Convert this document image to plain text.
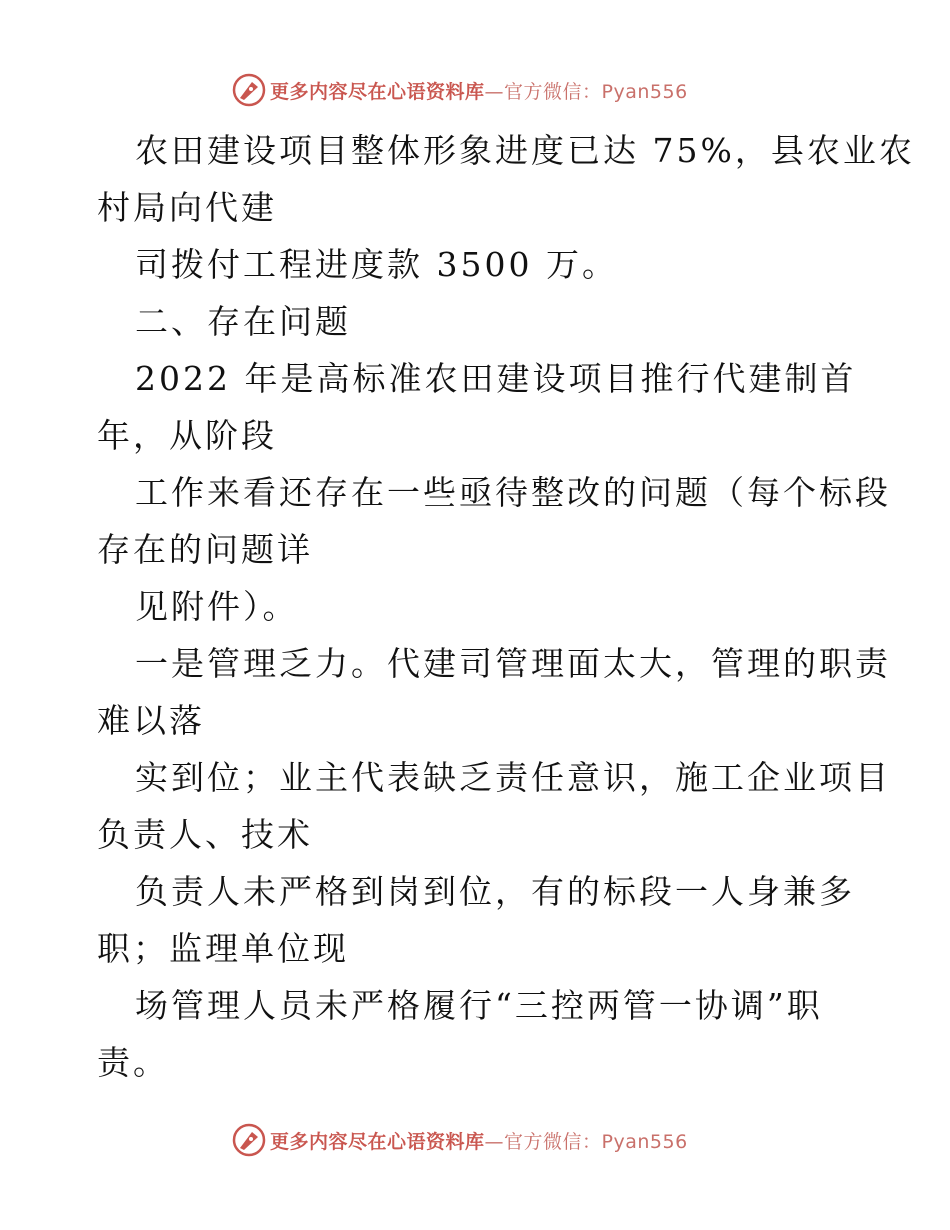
更多内容尽在心语资料库—官方微信：Pyan556
农田建设项目整体形象进度已达 75%，县农业农
村局向代建
司拨付工程进度款 3500 万。
二、存在问题
2022 年是高标准农田建设项目推行代建制首
年，从阶段
工作来看还存在一些亟待整改的问题（每个标段
存在的问题详
见附件）。
一是管理乏力。代建司管理面太大，管理的职责
难以落
实到位；业主代表缺乏责任意识，施工企业项目
负责人、技术
负责人未严格到岗到位，有的标段一人身兼多
职；监理单位现
场管理人员未严格履行“三控两管一协调”职
责。
更多内容尽在心语资料库—官方微信：Pyan556
